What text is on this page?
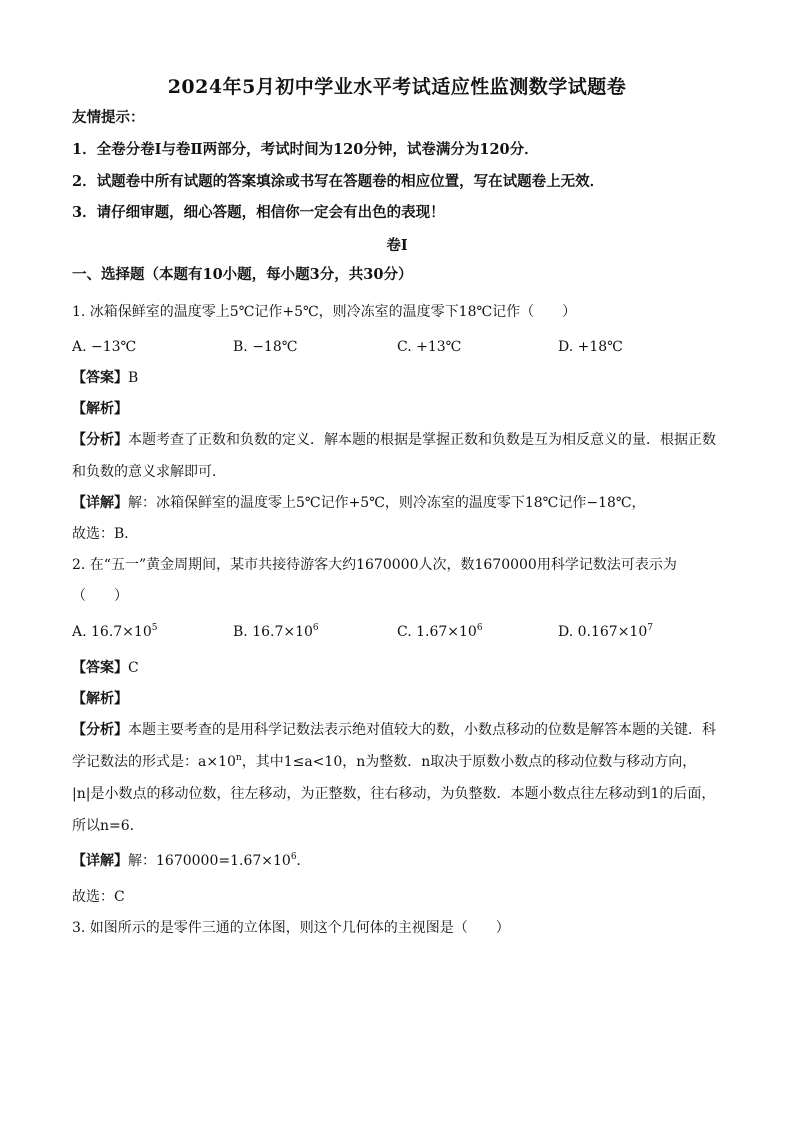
2024年5月初中学业水平考试适应性监测数学试题卷
友情提示：
1．全卷分卷Ⅰ与卷Ⅱ两部分，考试时间为120分钟，试卷满分为120分．
2．试题卷中所有试题的答案填涂或书写在答题卷的相应位置，写在试题卷上无效．
3．请仔细审题，细心答题，相信你一定会有出色的表现！
卷Ⅰ
一、选择题（本题有10小题，每小题3分，共30分）
1. 冰箱保鲜室的温度零上5℃记作+5℃，则冷冻室的温度零下18℃记作（　　）
A. −13℃	B. −18℃	C. +13℃	D. +18℃
【答案】B
【解析】
【分析】本题考查了正数和负数的定义．解本题的根据是掌握正数和负数是互为相反意义的量．根据正数
和负数的意义求解即可．
【详解】解：冰箱保鲜室的温度零上5℃记作+5℃，则冷冻室的温度零下18℃记作−18℃，
故选：B．
2. 在“五一”黄金周期间，某市共接待游客大约1670000人次，数1670000用科学记数法可表示为
（　　）
A. $16.7\times 10^5$	B. $16.7\times 10^6$	C. $1.67\times 10^6$	D. $0.167\times 10^7$
【答案】C
【解析】
【分析】本题主要考查的是用科学记数法表示绝对值较大的数，小数点移动的位数是解答本题的关键．科
学记数法的形式是：$a\times 10^n$，其中1≤a<10，n为整数．n取决于原数小数点的移动位数与移动方向，
|n|是小数点的移动位数，往左移动，为正整数，往右移动，为负整数．本题小数点往左移动到1的后面，
所以n=6．
【详解】解：$1670000=1.67\times 10^6$．
故选：C
3. 如图所示的是零件三通的立体图，则这个几何体的主视图是（　　）
